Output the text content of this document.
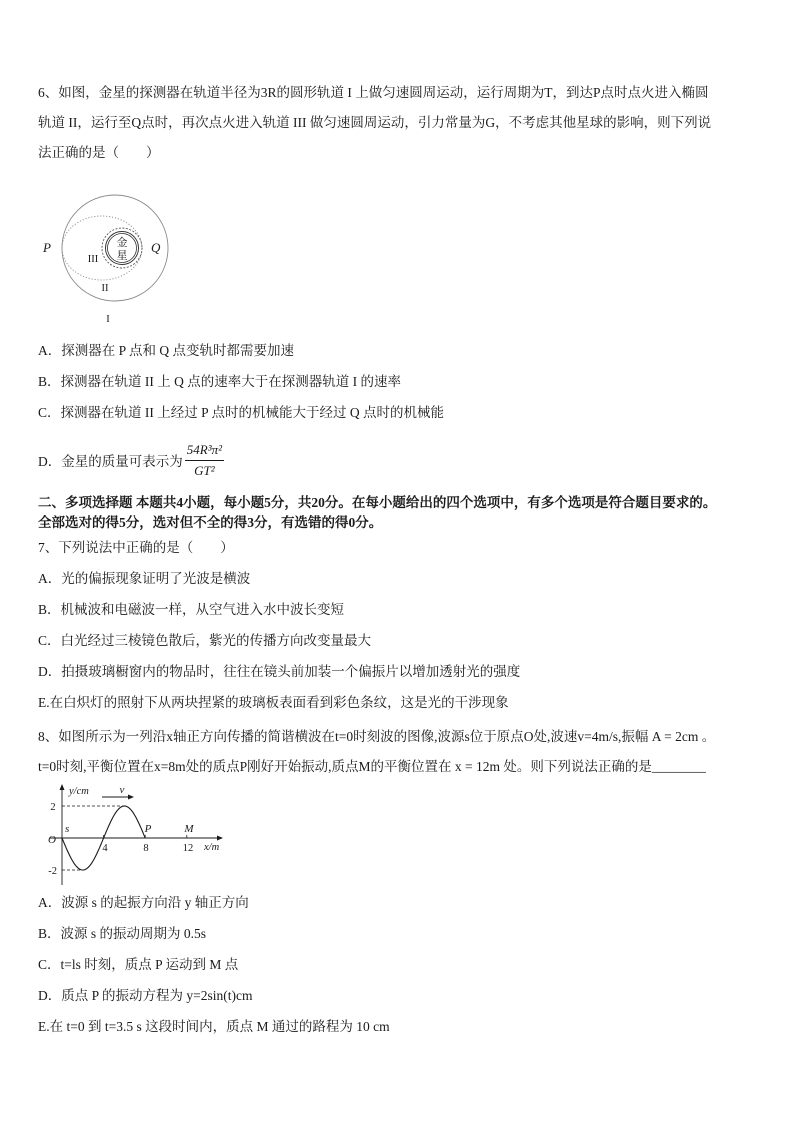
6、如图，金星的探测器在轨道半径为3R的圆形轨道 I 上做匀速圆周运动，运行周期为T，到达P点时点火进入椭圆
轨道 II，运行至Q点时，再次点火进入轨道 III 做匀速圆周运动，引力常量为G，不考虑其他星球的影响，则下列说
法正确的是（　　）
金
星
P	Q
III
II
I
A．探测器在 P 点和 Q 点变轨时都需要加速
B．探测器在轨道 II 上 Q 点的速率大于在探测器轨道 I 的速率
C．探测器在轨道 II 上经过 P 点时的机械能大于经过 Q 点时的机械能
D．金星的质量可表示为 $\frac{\text{54R³π²}}{\text{GT²}}$
二、多项选择题 本题共4小题，每小题5分，共20分。在每小题给出的四个选项中，有多个选项是符合题目要求的。
全部选对的得5分，选对但不全的得3分，有选错的得0分。
7、下列说法中正确的是（　　）
A．光的偏振现象证明了光波是横波
B．机械波和电磁波一样，从空气进入水中波长变短
C．白光经过三棱镜色散后，紫光的传播方向改变量最大
D．拍摄玻璃橱窗内的物品时，往往在镜头前加装一个偏振片以增加透射光的强度
E.在白炽灯的照射下从两块捏紧的玻璃板表面看到彩色条纹，这是光的干涉现象
8、如图所示为一列沿x轴正方向传播的简谐横波在t=0时刻波的图像,波源s位于原点O处,波速v=4m/s,振幅 A = 2cm 。
t=0时刻,平衡位置在x=8m处的质点P刚好开始振动,质点M的平衡位置在 x = 12m 处。则下列说法正确的是________
y/cm
x/m
2
-2
O
s
4	8	12
P	M
v
A．波源 s 的起振方向沿 y 轴正方向
B．波源 s 的振动周期为 0.5s
C．t=ls 时刻，质点 P 运动到 M 点
D．质点 P 的振动方程为 y=2sin(t)cm
E.在 t=0 到 t=3.5 s 这段时间内，质点 M 通过的路程为 10 cm
